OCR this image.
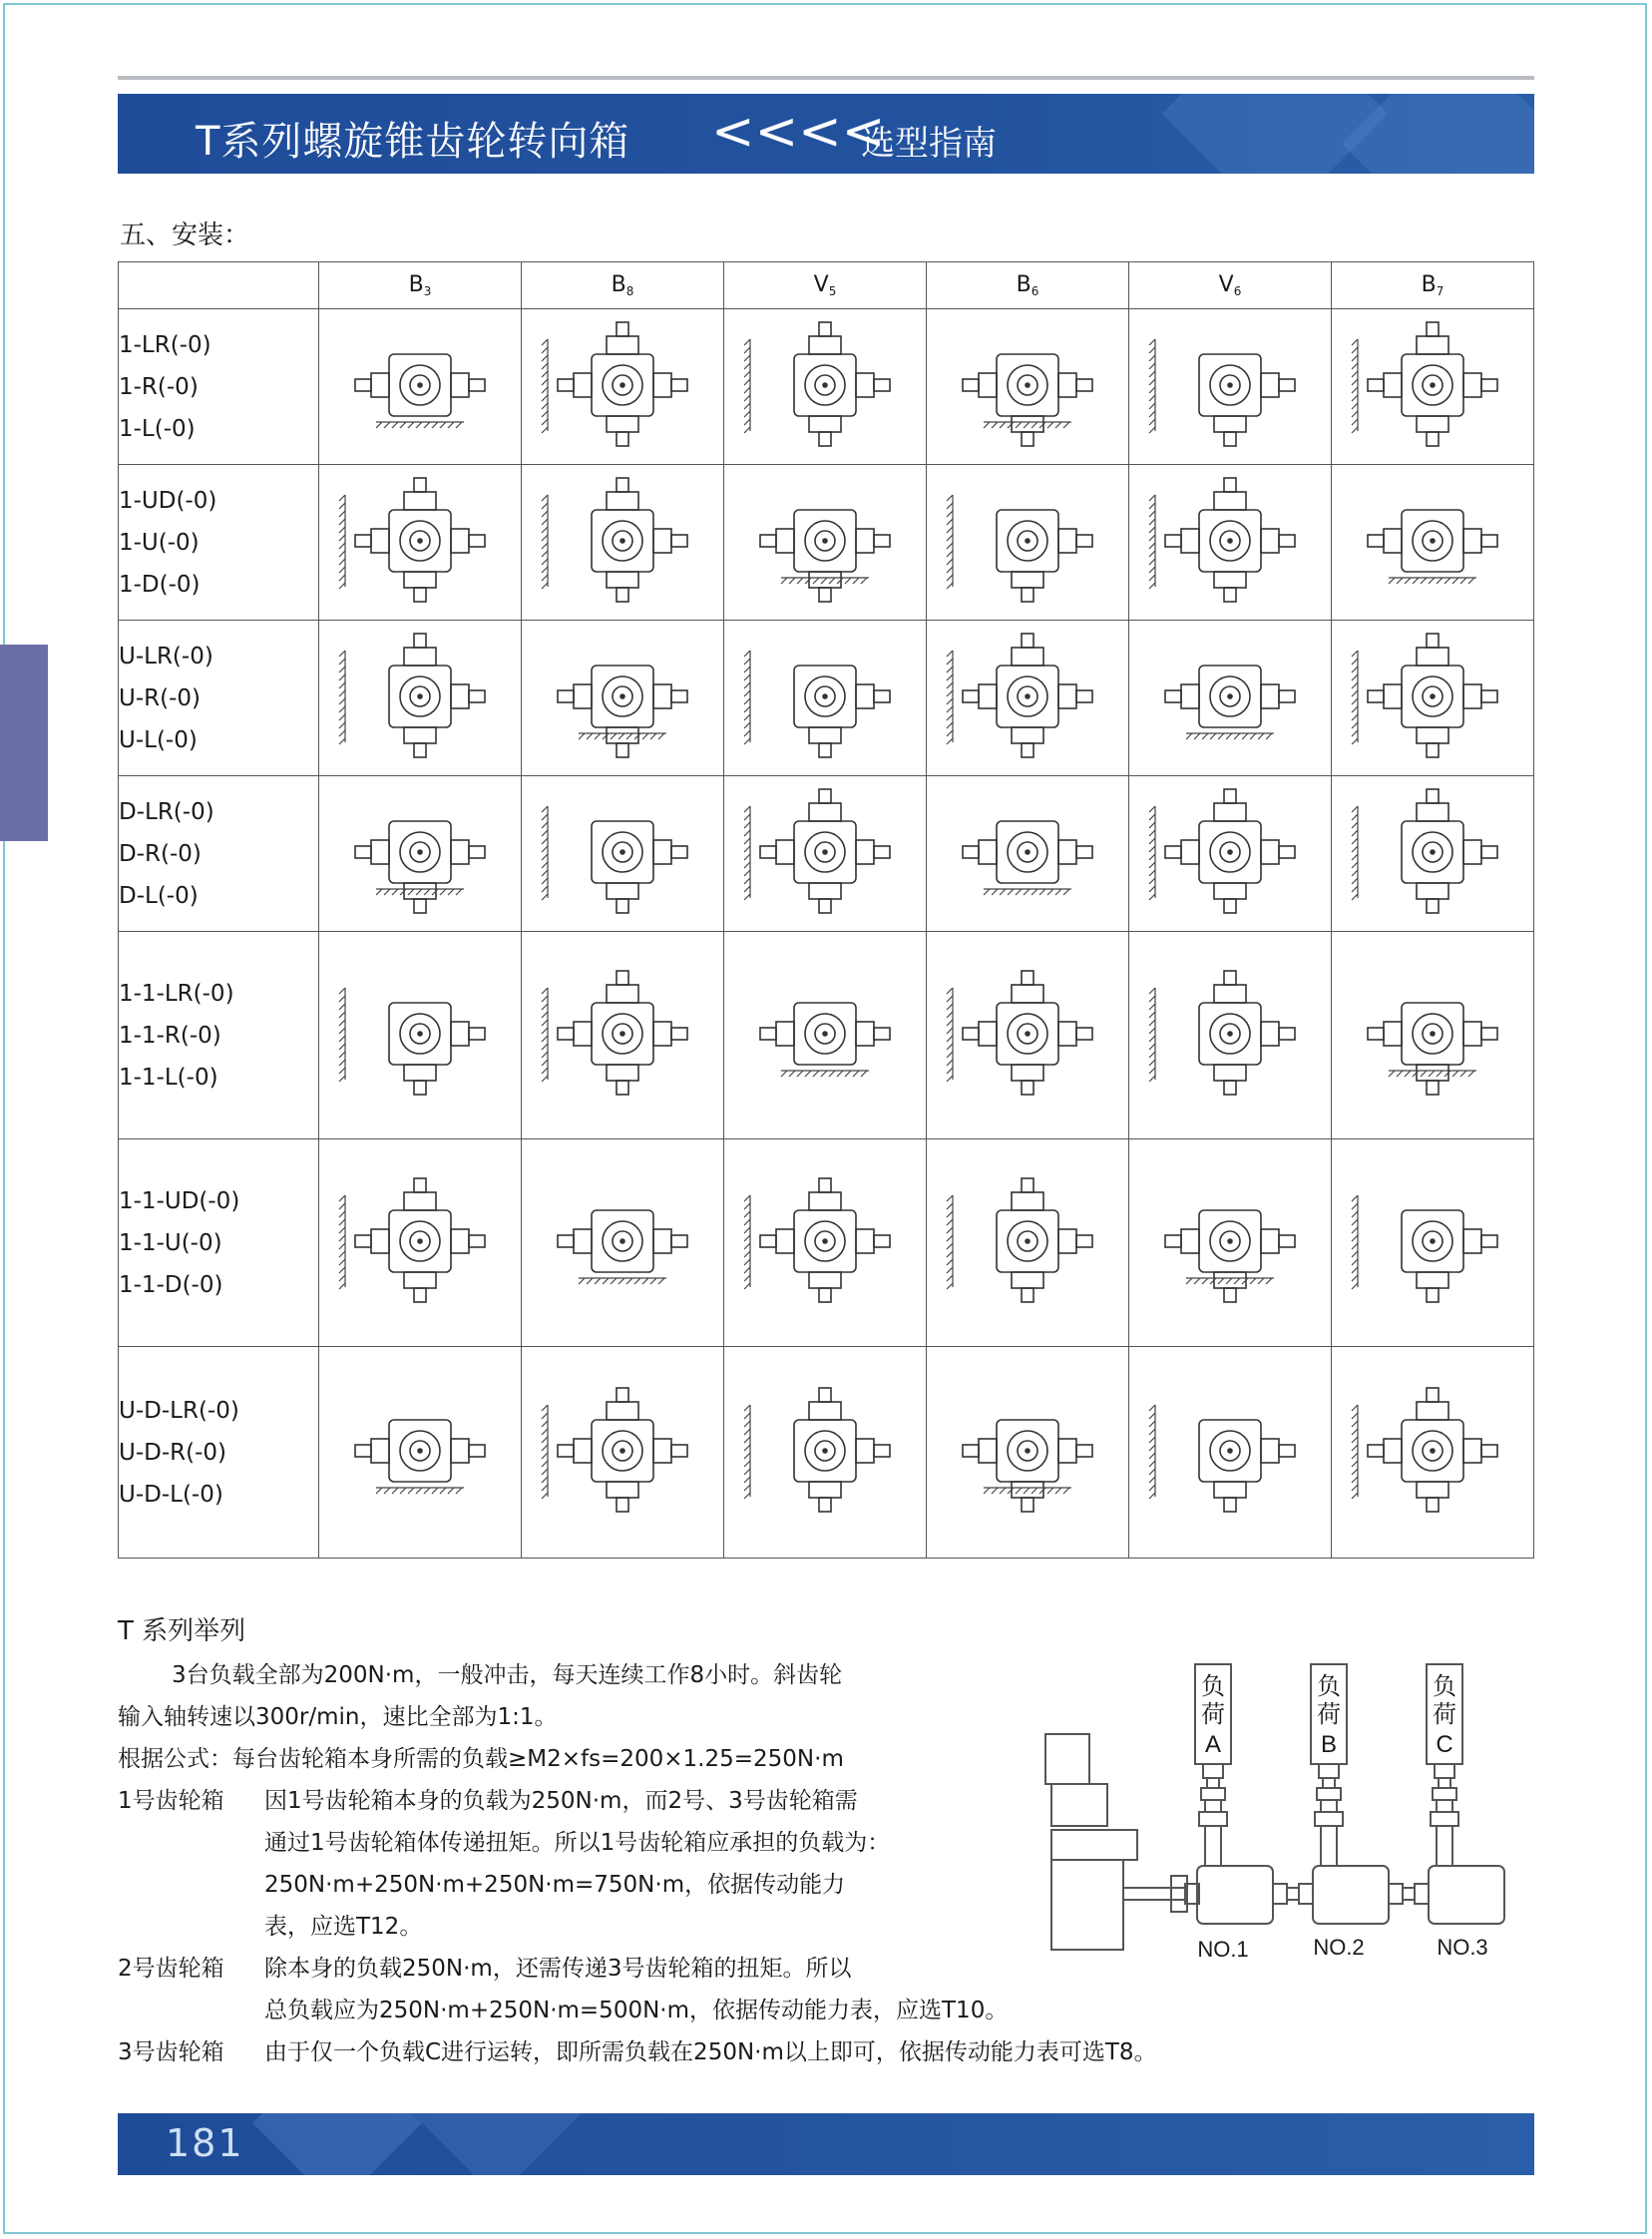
T系列螺旋锥齿轮转向箱 <<<<
选型指南
五、安装：
	$B_3$	$B_8$	$V_5$	$B_6$	$V_6$	$B_7$

1-LR(-0)
1-R(-0)
1-L(-0)

1-UD(-0)
1-U(-0)
1-D(-0)

U-LR(-0)
U-R(-0)
U-L(-0)

D-LR(-0)
D-R(-0)
D-L(-0)

1-1-LR(-0)
1-1-R(-0)
1-1-L(-0)

1-1-UD(-0)
1-1-U(-0)
1-1-D(-0)

U-D-LR(-0)
U-D-R(-0)
U-D-L(-0)

T 系列举列
3台负载全部为200N·m，一般冲击，每天连续工作8小时。斜齿轮
输入轴转速以300r/min，速比全部为1:1。
根据公式：每台齿轮箱本身所需的负载≥M2×fs=200×1.25=250N·m
1号齿轮箱 因1号齿轮箱本身的负载为250N·m，而2号、3号齿轮箱需
通过1号齿轮箱体传递扭矩。所以1号齿轮箱应承担的负载为：
250N·m+250N·m+250N·m=750N·m，依据传动能力
表，应选T12。
2号齿轮箱 除本身的负载250N·m，还需传递3号齿轮箱的扭矩。所以
总负载应为250N·m+250N·m=500N·m，依据传动能力表，应选T10。
3号齿轮箱 由于仅一个负载C进行运转，即所需负载在250N·m以上即可，依据传动能力表可选T8。
负
荷
A
负
荷
B
负
荷
C
NO.1	NO.2	NO.3
181
